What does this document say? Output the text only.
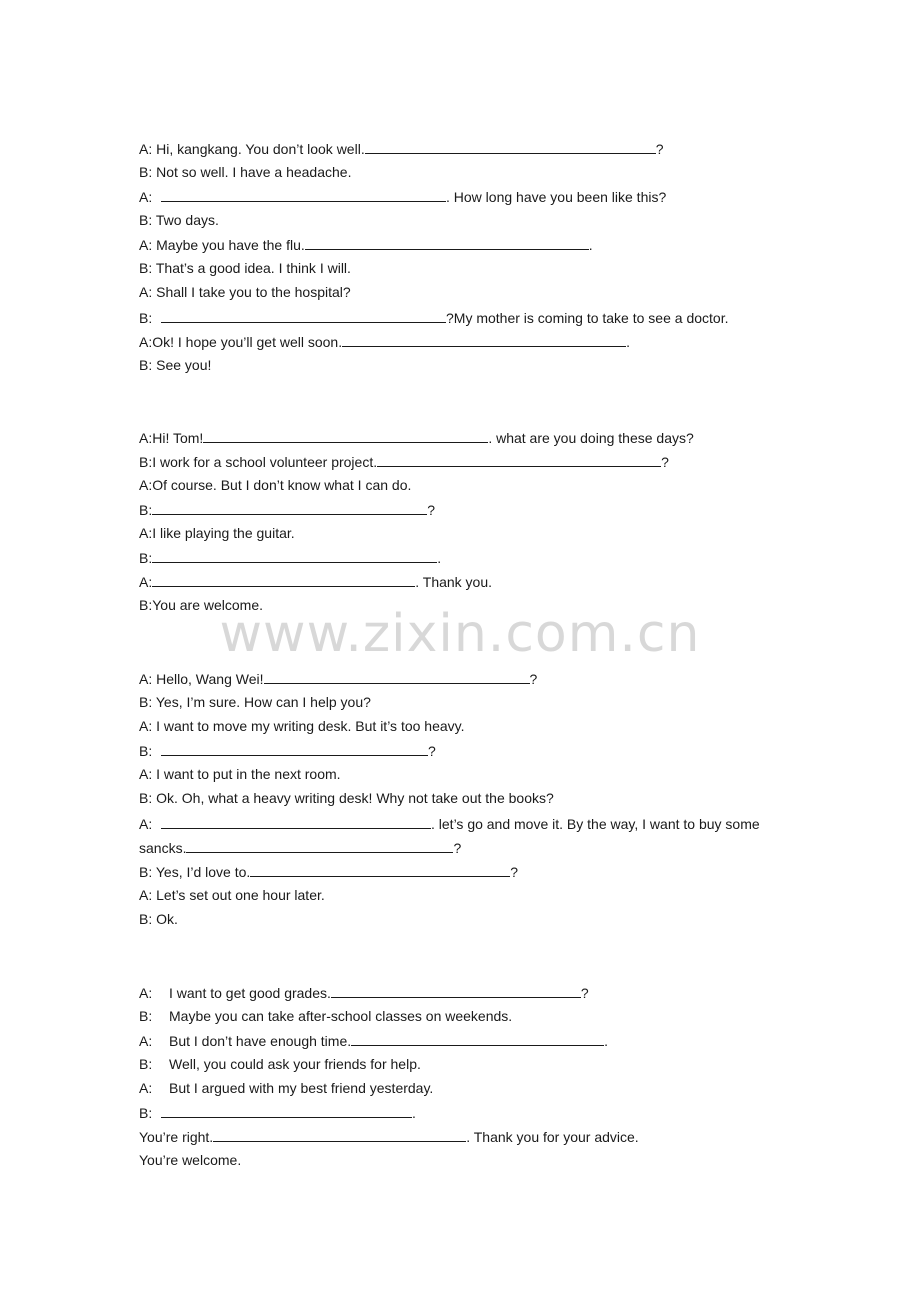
A: Hi, kangkang. You don’t look well.	?
B: Not so well. I have a headache.
A:	. How long have you been like this?
B: Two days.
A: Maybe you have the flu.	.
B: That’s a good idea. I think I will.
A: Shall I take you to the hospital?
B:	?My mother is coming to take to see a doctor.
A:Ok! I hope you’ll get well soon.	.
B: See you!
A:Hi! Tom!	. what are you doing these days?
B:I work for a school volunteer project.	?
A:Of course. But I don’t know what I can do.
B:	?
A:I like playing the guitar.
B:	.
A:	. Thank you.
B:You are welcome.
www.zixin.com.cn
A: Hello, Wang Wei!	?
B: Yes, I’m sure. How can I help you?
A: I want to move my writing desk. But it’s too heavy.
B:	?
A: I want to put in the next room.
B: Ok. Oh, what a heavy writing desk! Why not take out the books?
A:	. let’s go and move it. By the way, I want to buy some
sancks.	?
B: Yes, I’d love to.	?
A: Let’s set out one hour later.
B: Ok.
A: I want to get good grades.	?
B: Maybe you can take after-school classes on weekends.
A: But I don’t have enough time.	.
B: Well, you could ask your friends for help.
A: But I argued with my best friend yesterday.
B:	.
You’re right.	. Thank you for your advice.
You’re welcome.
